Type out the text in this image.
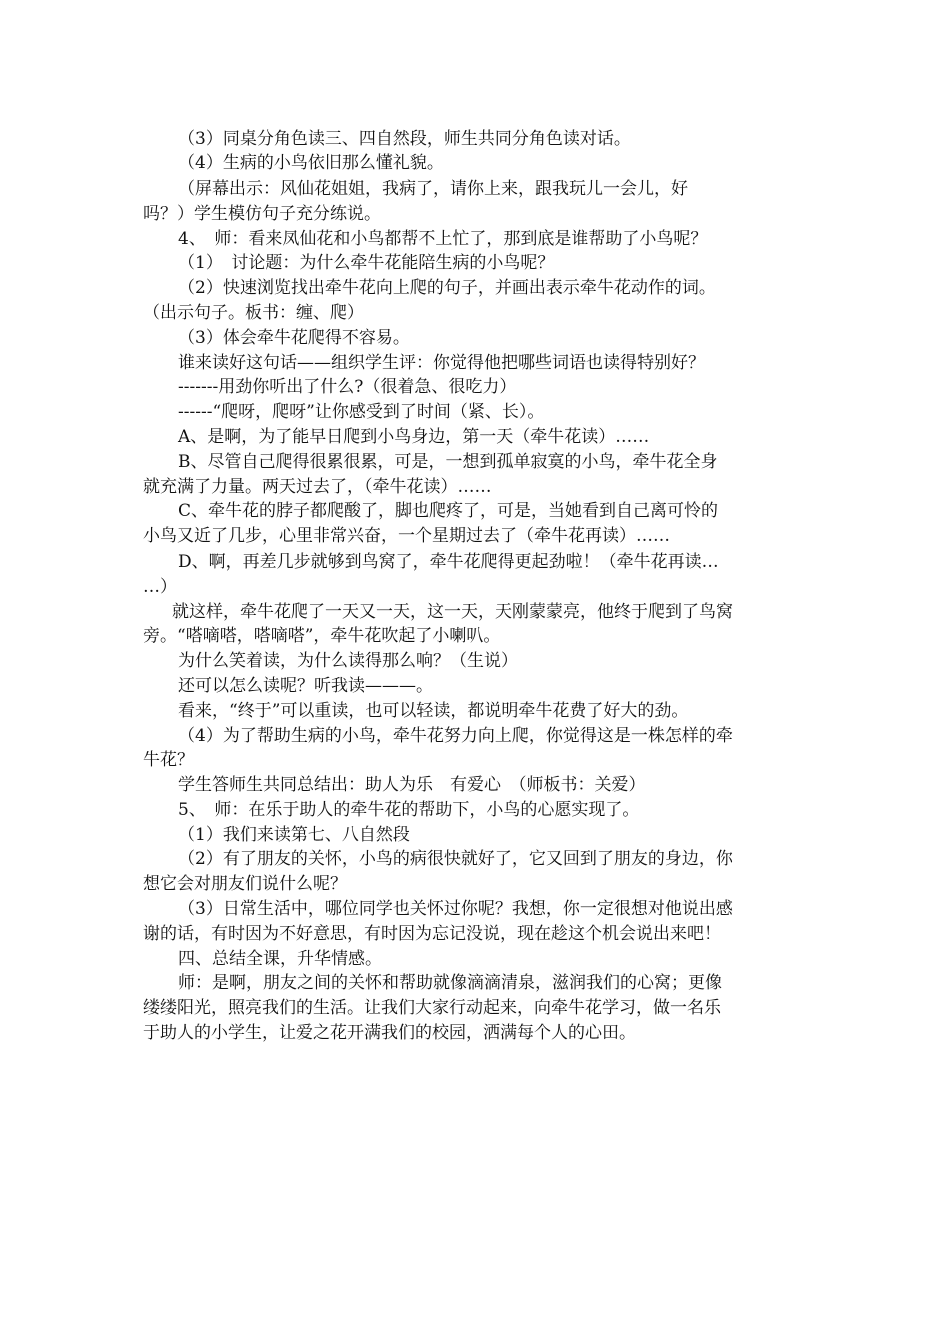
（3）同桌分角色读三、四自然段，师生共同分角色读对话。
（4）生病的小鸟依旧那么懂礼貌。
（屏幕出示：风仙花姐姐，我病了，请你上来，跟我玩儿一会儿，好
吗？）学生模仿句子充分练说。
4、　师：看来凤仙花和小鸟都帮不上忙了，那到底是谁帮助了小鸟呢？
（1）　讨论题：为什么牵牛花能陪生病的小鸟呢？
（2）快速浏览找出牵牛花向上爬的句子，并画出表示牵牛花动作的词。
（出示句子。板书：缠、爬）
（3）体会牵牛花爬得不容易。
谁来读好这句话——组织学生评：你觉得他把哪些词语也读得特别好？
-------用劲你听出了什么?（很着急、很吃力）
------“爬呀，爬呀”让你感受到了时间（紧、长）。
A、是啊，为了能早日爬到小鸟身边，第一天（牵牛花读）……
B、尽管自己爬得很累很累，可是，一想到孤单寂寞的小鸟，牵牛花全身
就充满了力量。两天过去了，（牵牛花读）……
C、牵牛花的脖子都爬酸了，脚也爬疼了，可是，当她看到自己离可怜的
小鸟又近了几步，心里非常兴奋，一个星期过去了（牵牛花再读）……
D、啊，再差几步就够到鸟窝了，牵牛花爬得更起劲啦！（牵牛花再读…
…）
就这样，牵牛花爬了一天又一天，这一天，天刚蒙蒙亮，他终于爬到了鸟窝
旁。“嗒嘀嗒，嗒嘀嗒”，牵牛花吹起了小喇叭。
为什么笑着读，为什么读得那么响？（生说）
还可以怎么读呢？听我读———。
看来，“终于”可以重读，也可以轻读，都说明牵牛花费了好大的劲。
（4）为了帮助生病的小鸟，牵牛花努力向上爬，你觉得这是一株怎样的牵
牛花？
学生答师生共同总结出：助人为乐　有爱心　（师板书：关爱）
5、　师：在乐于助人的牵牛花的帮助下，小鸟的心愿实现了。
（1）我们来读第七、八自然段
（2）有了朋友的关怀，小鸟的病很快就好了，它又回到了朋友的身边，你
想它会对朋友们说什么呢？
（3）日常生活中，哪位同学也关怀过你呢？我想，你一定很想对他说出感
谢的话，有时因为不好意思，有时因为忘记没说，现在趁这个机会说出来吧！
四、总结全课，升华情感。
师：是啊，朋友之间的关怀和帮助就像滴滴清泉，滋润我们的心窝；更像
缕缕阳光，照亮我们的生活。让我们大家行动起来，向牵牛花学习，做一名乐
于助人的小学生，让爱之花开满我们的校园，洒满每个人的心田。
